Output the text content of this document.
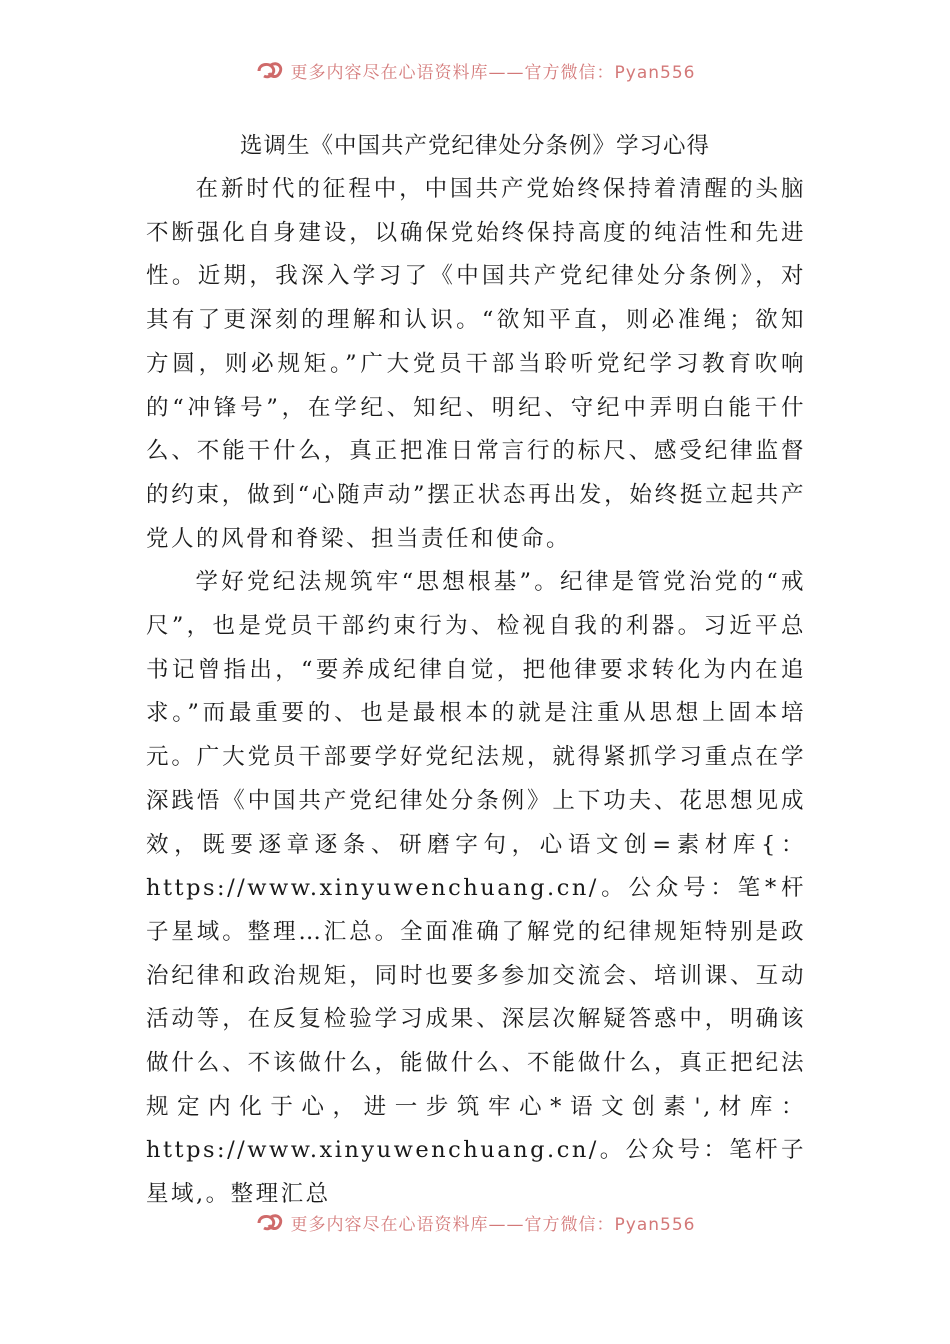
更多内容尽在心语资料库——官方微信：Pyan556
选调生《中国共产党纪律处分条例》学习心得

在新时代的征程中，中国共产党始终保持着清醒的头脑不断强化自身建设，以确保党始终保持高度的纯洁性和先进性。近期，我深入学习了《中国共产党纪律处分条例》，对其有了更深刻的理解和认识。“欲知平直，则必准绳；欲知方圆，则必规矩。”广大党员干部当聆听党纪学习教育吹响的“冲锋号”，在学纪、知纪、明纪、守纪中弄明白能干什么、不能干什么，真正把准日常言行的标尺、感受纪律监督的约束，做到“心随声动”摆正状态再出发，始终挺立起共产党人的风骨和脊梁、担当责任和使命。

学好党纪法规筑牢“思想根基”。纪律是管党治党的“戒尺”，也是党员干部约束行为、检视自我的利器。习近平总书记曾指出，“要养成纪律自觉，把他律要求转化为内在追求。”而最重要的、也是最根本的就是注重从思想上固本培元。广大党员干部要学好党纪法规，就得紧抓学习重点在学深践悟《中国共产党纪律处分条例》上下功夫、花思想见成效，既要逐章逐条、研磨字句，心语文创=素材库{：https://www.xinyuwenchuang.cn/。公众号：笔*杆子星域。整理…汇总。全面准确了解党的纪律规矩特别是政治纪律和政治规矩，同时也要多参加交流会、培训课、互动活动等，在反复检验学习成果、深层次解疑答惑中，明确该做什么、不该做什么，能做什么、不能做什么，真正把纪法规定内化于心，进一步筑牢心*语文创素',材库：https://www.xinyuwenchuang.cn/。公众号：笔杆子星域,。整理汇总

更多内容尽在心语资料库——官方微信：Pyan556
